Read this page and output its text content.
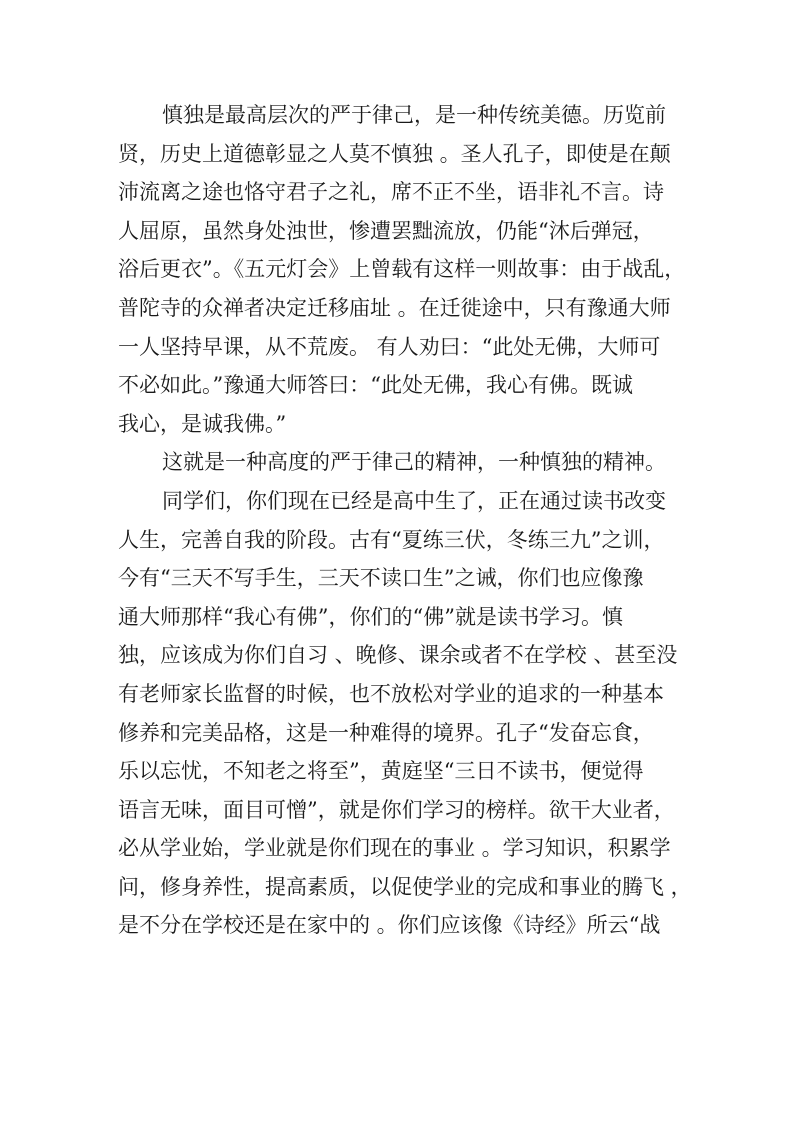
慎独是最高层次的严于律己，是一种传统美德。历览前
贤，历史上道德彰显之人莫不慎独 。圣人孔子，即使是在颠
沛流离之途也恪守君子之礼，席不正不坐，语非礼不言。诗
人屈原，虽然身处浊世，惨遭罢黜流放，仍能“沐后弹冠，
浴后更衣”。《五元灯会》上曾载有这样一则故事：由于战乱，
普陀寺的众禅者决定迁移庙址 。在迁徙途中，只有豫通大师
一人坚持早课，从不荒废。 有人劝曰：“此处无佛，大师可
不必如此。”豫通大师答曰：“此处无佛，我心有佛。既诚
我心，是诚我佛。”
这就是一种高度的严于律己的精神，一种慎独的精神。
同学们，你们现在已经是高中生了，正在通过读书改变
人生，完善自我的阶段。古有“夏练三伏，冬练三九”之训，
今有“三天不写手生，三天不读口生”之诫，你们也应像豫
通大师那样“我心有佛”，你们的“佛”就是读书学习。慎
独，应该成为你们自习 、晚修、课余或者不在学校 、甚至没
有老师家长监督的时候，也不放松对学业的追求的一种基本
修养和完美品格，这是一种难得的境界。孔子“发奋忘食，
乐以忘忧，不知老之将至”，黄庭坚“三日不读书，便觉得
语言无味，面目可憎”，就是你们学习的榜样。欲干大业者，
必从学业始，学业就是你们现在的事业 。学习知识，积累学
问，修身养性，提高素质，以促使学业的完成和事业的腾飞 ，
是不分在学校还是在家中的 。你们应该像《诗经》所云“战
